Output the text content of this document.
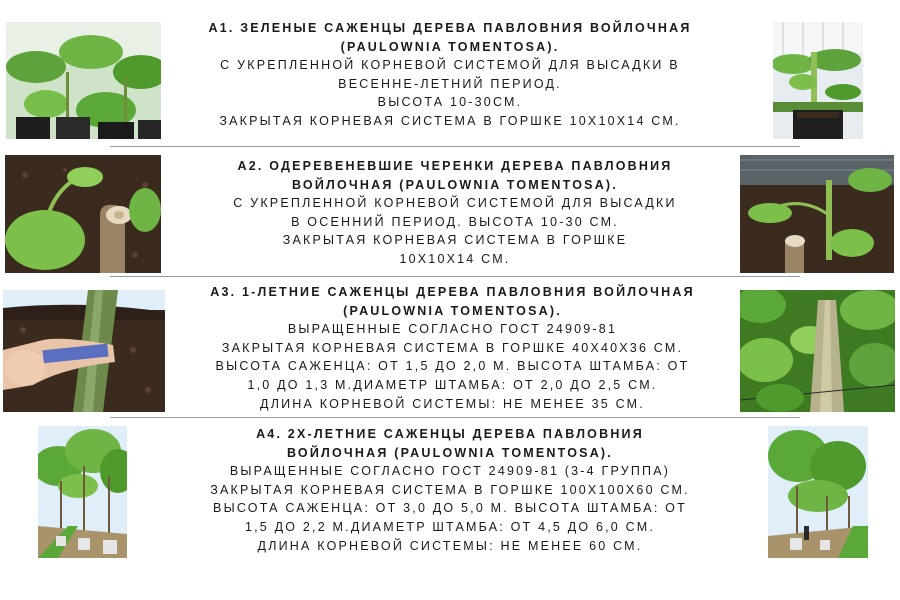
А1. ЗЕЛЕНЫЕ САЖЕНЦЫ ДЕРЕВА ПАВЛОВНИЯ ВОЙЛОЧНАЯ
(PAULOWNIA TOMENTOSA).
С УКРЕПЛЕННОЙ КОРНЕВОЙ СИСТЕМОЙ ДЛЯ ВЫСАДКИ В
ВЕСЕННЕ-ЛЕТНИЙ ПЕРИОД.
ВЫСОТА 10-30СМ.
ЗАКРЫТАЯ КОРНЕВАЯ СИСТЕМА В ГОРШКЕ 10Х10Х14 СМ.
А2. ОДЕРЕВЕНЕВШИЕ ЧЕРЕНКИ ДЕРЕВА ПАВЛОВНИЯ
ВОЙЛОЧНАЯ (PAULOWNIA TOMENTOSA).
С УКРЕПЛЕННОЙ КОРНЕВОЙ СИСТЕМОЙ ДЛЯ ВЫСАДКИ
В ОСЕННИЙ ПЕРИОД. ВЫСОТА 10-30 СМ.
ЗАКРЫТАЯ КОРНЕВАЯ СИСТЕМА В ГОРШКЕ
10Х10Х14 СМ.
А3. 1-ЛЕТНИЕ САЖЕНЦЫ ДЕРЕВА ПАВЛОВНИЯ ВОЙЛОЧНАЯ
(PAULOWNIA TOMENTOSA).
ВЫРАЩЕННЫЕ СОГЛАСНО ГОСТ 24909-81
ЗАКРЫТАЯ КОРНЕВАЯ СИСТЕМА В ГОРШКЕ 40Х40Х36 СМ.
ВЫСОТА САЖЕНЦА: ОТ 1,5 ДО 2,0 М. ВЫСОТА ШТАМБА: ОТ
1,0 ДО 1,3 М.ДИАМЕТР ШТАМБА: ОТ 2,0 ДО 2,5 СМ.
ДЛИНА КОРНЕВОЙ СИСТЕМЫ: НЕ МЕНЕЕ 35 СМ.
А4. 2Х-ЛЕТНИЕ САЖЕНЦЫ ДЕРЕВА ПАВЛОВНИЯ
ВОЙЛОЧНАЯ (PAULOWNIA TOMENTOSA).
ВЫРАЩЕННЫЕ СОГЛАСНО ГОСТ 24909-81 (3-4 ГРУППА)
ЗАКРЫТАЯ КОРНЕВАЯ СИСТЕМА В ГОРШКЕ 100Х100Х60 СМ.
ВЫСОТА САЖЕНЦА: ОТ 3,0 ДО 5,0 М. ВЫСОТА ШТАМБА: ОТ
1,5 ДО 2,2 М.ДИАМЕТР ШТАМБА: ОТ 4,5 ДО 6,0 СМ.
ДЛИНА КОРНЕВОЙ СИСТЕМЫ: НЕ МЕНЕЕ 60 СМ.
